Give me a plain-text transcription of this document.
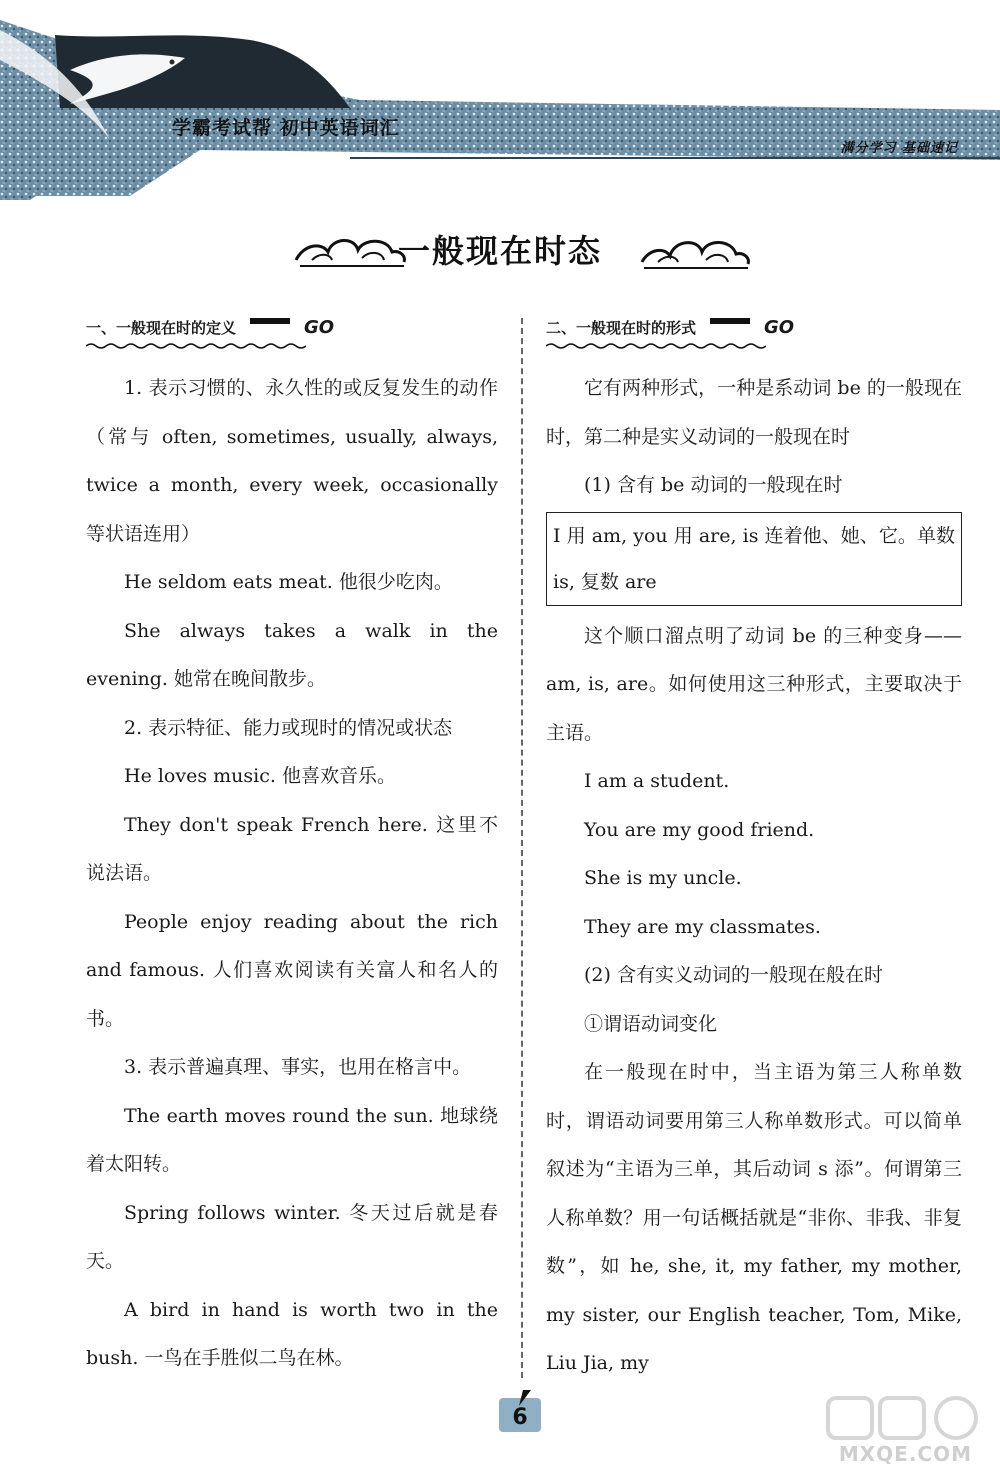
学霸考试帮 初中英语词汇
满分学习 基础速记
一般现在时态
一、一般现在时的定义	GO

1. 表示习惯的、永久性的或反复发生的动作（常与 often, sometimes, usually, always, twice a month, every week, occasionally 等状语连用）

He seldom eats meat. 他很少吃肉。

She always takes a walk in the evening. 她常在晚间散步。

2. 表示特征、能力或现时的情况或状态

He loves music. 他喜欢音乐。

They don't speak French here. 这里不说法语。

People enjoy reading about the rich and famous. 人们喜欢阅读有关富人和名人的书。

3. 表示普遍真理、事实，也用在格言中。

The earth moves round the sun. 地球绕着太阳转。

Spring follows winter. 冬天过后就是春天。

A bird in hand is worth two in the bush. 一鸟在手胜似二鸟在林。

二、一般现在时的形式	GO

它有两种形式，一种是系动词 be 的一般现在时，第二种是实义动词的一般现在时

(1) 含有 be 动词的一般现在时

I 用 am, you 用 are, is 连着他、她、它。单数 is, 复数 are

这个顺口溜点明了动词 be 的三种变身——am, is, are。如何使用这三种形式，主要取决于主语。

I am a student.

You are my good friend.

She is my uncle.

They are my classmates.

(2) 含有实义动词的一般现在般在时

①谓语动词变化

在一般现在时中，当主语为第三人称单数时，谓语动词要用第三人称单数形式。可以简单叙述为“主语为三单，其后动词 s 添”。何谓第三人称单数？用一句话概括就是“非你、非我、非复数”，如 he, she, it, my father, my mother, my sister, our English teacher, Tom, Mike, Liu Jia, my

6
MXQE.COM
